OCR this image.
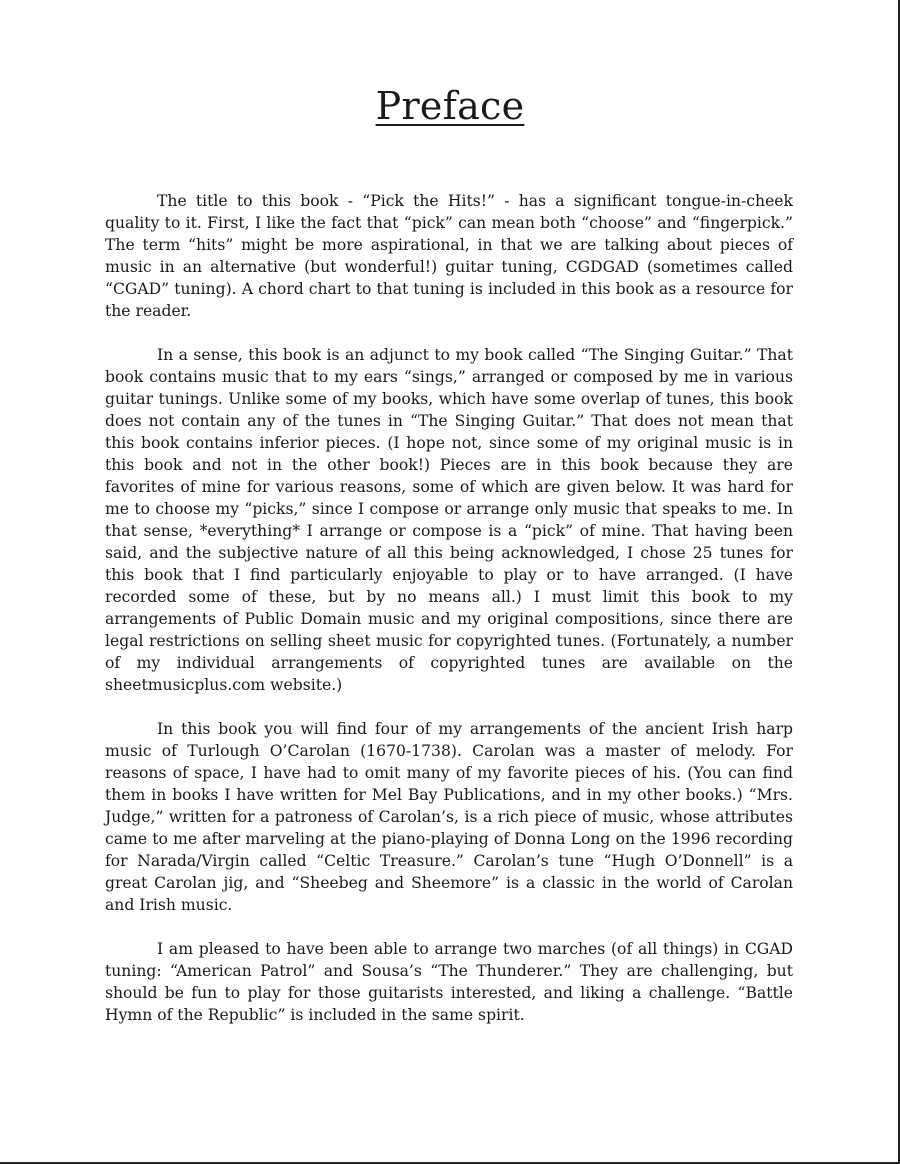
Preface

The title to this book - “Pick the Hits!” - has a significant tongue-in-cheek quality to it. First, I like the fact that “pick” can mean both “choose” and “fingerpick.” The term “hits” might be more aspirational, in that we are talking about pieces of music in an alternative (but wonderful!) guitar tuning, CGDGAD (sometimes called “CGAD” tuning). A chord chart to that tuning is included in this book as a resource for the reader.

In a sense, this book is an adjunct to my book called “The Singing Guitar.” That book contains music that to my ears “sings,” arranged or composed by me in various guitar tunings. Unlike some of my books, which have some overlap of tunes, this book does not contain any of the tunes in “The Singing Guitar.” That does not mean that this book contains inferior pieces. (I hope not, since some of my original music is in this book and not in the other book!) Pieces are in this book because they are favorites of mine for various reasons, some of which are given below. It was hard for me to choose my “picks,” since I compose or arrange only music that speaks to me. In that sense, *everything* I arrange or compose is a “pick” of mine. That having been said, and the subjective nature of all this being acknowledged, I chose 25 tunes for this book that I find particularly enjoyable to play or to have arranged. (I have recorded some of these, but by no means all.) I must limit this book to my arrangements of Public Domain music and my original compositions, since there are legal restrictions on selling sheet music for copyrighted tunes. (Fortunately, a number of my individual arrangements of copyrighted tunes are available on the sheetmusicplus.com website.)

In this book you will find four of my arrangements of the ancient Irish harp music of Turlough O’Carolan (1670-1738). Carolan was a master of melody. For reasons of space, I have had to omit many of my favorite pieces of his. (You can find them in books I have written for Mel Bay Publications, and in my other books.) “Mrs. Judge,” written for a patroness of Carolan’s, is a rich piece of music, whose attributes came to me after marveling at the piano-playing of Donna Long on the 1996 recording for Narada/Virgin called “Celtic Treasure.” Carolan’s tune “Hugh O’Donnell” is a great Carolan jig, and “Sheebeg and Sheemore” is a classic in the world of Carolan and Irish music.

I am pleased to have been able to arrange two marches (of all things) in CGAD tuning: “American Patrol” and Sousa’s “The Thunderer.” They are challenging, but should be fun to play for those guitarists interested, and liking a challenge. “Battle Hymn of the Republic” is included in the same spirit.
